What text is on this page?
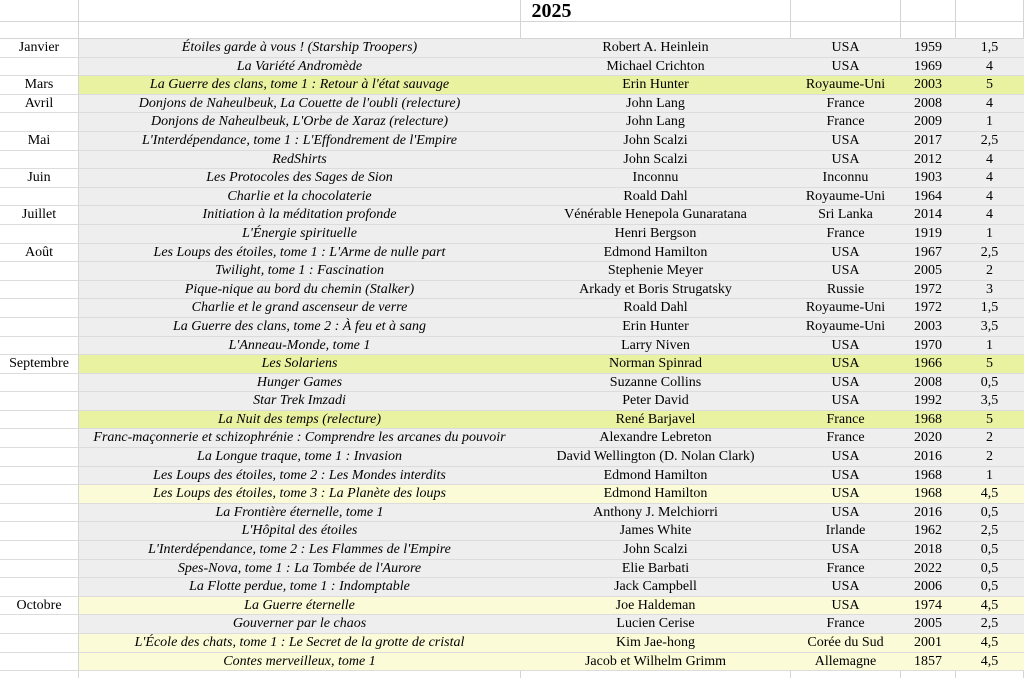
2025
Janvier	Étoiles garde à vous ! (Starship Troopers)	Robert A. Heinlein	USA	1959	1,5
La Variété Andromède	Michael Crichton	USA	1969	4
Mars	La Guerre des clans, tome 1 : Retour à l'état sauvage	Erin Hunter	Royaume-Uni	2003	5
Avril	Donjons de Naheulbeuk, La Couette de l'oubli (relecture)	John Lang	France	2008	4
Donjons de Naheulbeuk, L'Orbe de Xaraz (relecture)	John Lang	France	2009	1
Mai	L'Interdépendance, tome 1 : L'Effondrement de l'Empire	John Scalzi	USA	2017	2,5
RedShirts	John Scalzi	USA	2012	4
Juin	Les Protocoles des Sages de Sion	Inconnu	Inconnu	1903	4
Charlie et la chocolaterie	Roald Dahl	Royaume-Uni	1964	4
Juillet	Initiation à la méditation profonde	Vénérable Henepola Gunaratana	Sri Lanka	2014	4
L'Énergie spirituelle	Henri Bergson	France	1919	1
Août	Les Loups des étoiles, tome 1 : L'Arme de nulle part	Edmond Hamilton	USA	1967	2,5
Twilight, tome 1 : Fascination	Stephenie Meyer	USA	2005	2
Pique-nique au bord du chemin (Stalker)	Arkady et Boris Strugatsky	Russie	1972	3
Charlie et le grand ascenseur de verre	Roald Dahl	Royaume-Uni	1972	1,5
La Guerre des clans, tome 2 : À feu et à sang	Erin Hunter	Royaume-Uni	2003	3,5
L'Anneau-Monde, tome 1	Larry Niven	USA	1970	1
Septembre	Les Solariens	Norman Spinrad	USA	1966	5
Hunger Games	Suzanne Collins	USA	2008	0,5
Star Trek Imzadi	Peter David	USA	1992	3,5
La Nuit des temps (relecture)	René Barjavel	France	1968	5
Franc-maçonnerie et schizophrénie : Comprendre les arcanes du pouvoir	Alexandre Lebreton	France	2020	2
La Longue traque, tome 1 : Invasion	David Wellington (D. Nolan Clark)	USA	2016	2
Les Loups des étoiles, tome 2 : Les Mondes interdits	Edmond Hamilton	USA	1968	1
Les Loups des étoiles, tome 3 : La Planète des loups	Edmond Hamilton	USA	1968	4,5
La Frontière éternelle, tome 1	Anthony J. Melchiorri	USA	2016	0,5
L'Hôpital des étoiles	James White	Irlande	1962	2,5
L'Interdépendance, tome 2 : Les Flammes de l'Empire	John Scalzi	USA	2018	0,5
Spes-Nova, tome 1 : La Tombée de l'Aurore	Elie Barbati	France	2022	0,5
La Flotte perdue, tome 1 : Indomptable	Jack Campbell	USA	2006	0,5
Octobre	La Guerre éternelle	Joe Haldeman	USA	1974	4,5
Gouverner par le chaos	Lucien Cerise	France	2005	2,5
L'École des chats, tome 1 : Le Secret de la grotte de cristal	Kim Jae-hong	Corée du Sud	2001	4,5
Contes merveilleux, tome 1	Jacob et Wilhelm Grimm	Allemagne	1857	4,5
